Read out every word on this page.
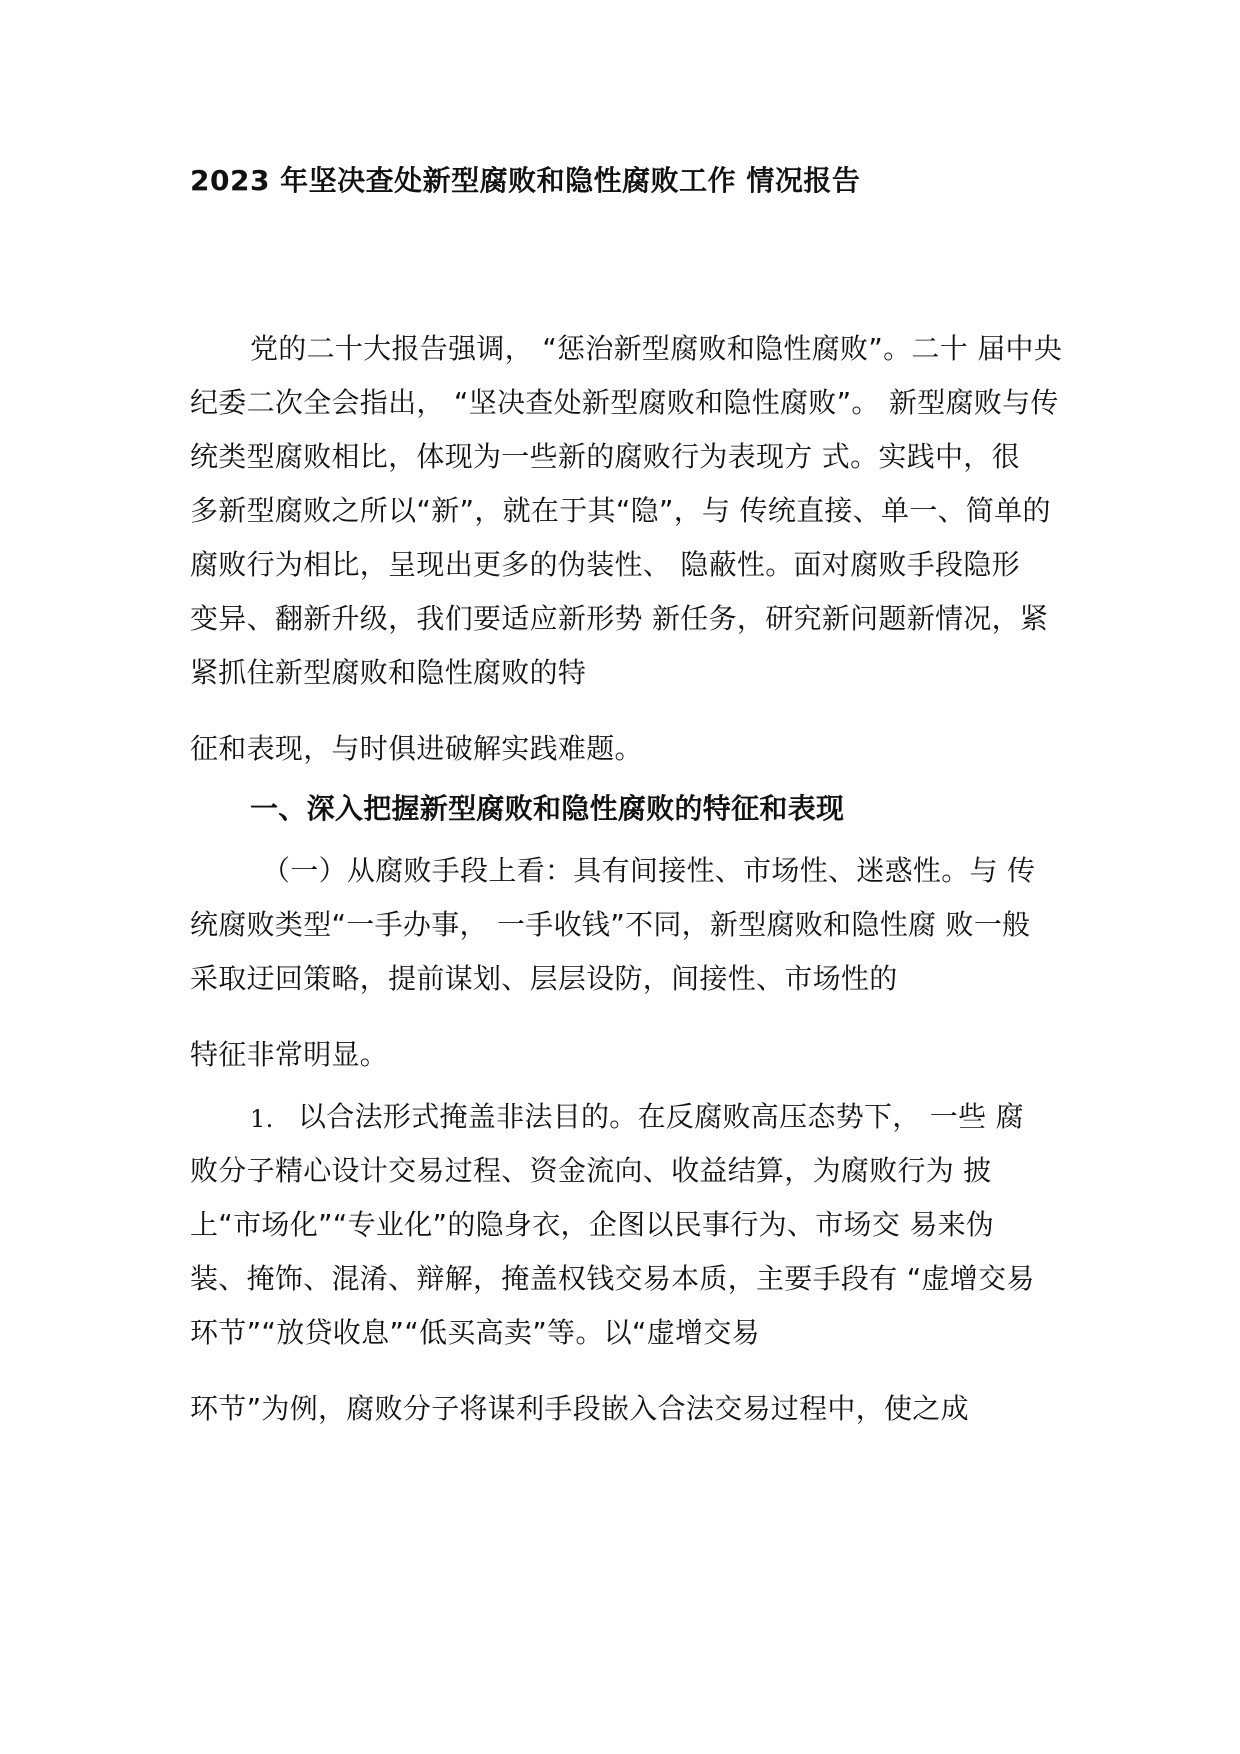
2023 年坚决查处新型腐败和隐性腐败工作 情况报告

党的二十大报告强调， “惩治新型腐败和隐性腐败”。二十 届中央

纪委二次全会指出， “坚决查处新型腐败和隐性腐败”。 新型腐败与传

统类型腐败相比，体现为一些新的腐败行为表现方 式。实践中，很

多新型腐败之所以“新”，就在于其“隐”，与 传统直接、单一、简单的

腐败行为相比，呈现出更多的伪装性、 隐蔽性。面对腐败手段隐形

变异、翻新升级，我们要适应新形势 新任务，研究新问题新情况，紧

紧抓住新型腐败和隐性腐败的特

征和表现，与时俱进破解实践难题。

一、深入把握新型腐败和隐性腐败的特征和表现

（一）从腐败手段上看：具有间接性、市场性、迷惑性。与 传

统腐败类型“一手办事， 一手收钱”不同，新型腐败和隐性腐 败一般

采取迂回策略，提前谋划、层层设防，间接性、市场性的

特征非常明显。

1. 以合法形式掩盖非法目的。在反腐败高压态势下， 一些 腐

败分子精心设计交易过程、资金流向、收益结算，为腐败行为 披

上“市场化”“专业化”的隐身衣，企图以民事行为、市场交 易来伪

装、掩饰、混淆、辩解，掩盖权钱交易本质，主要手段有 “虚增交易

环节”“放贷收息”“低买高卖”等。以“虚增交易

环节”为例，腐败分子将谋利手段嵌入合法交易过程中，使之成
